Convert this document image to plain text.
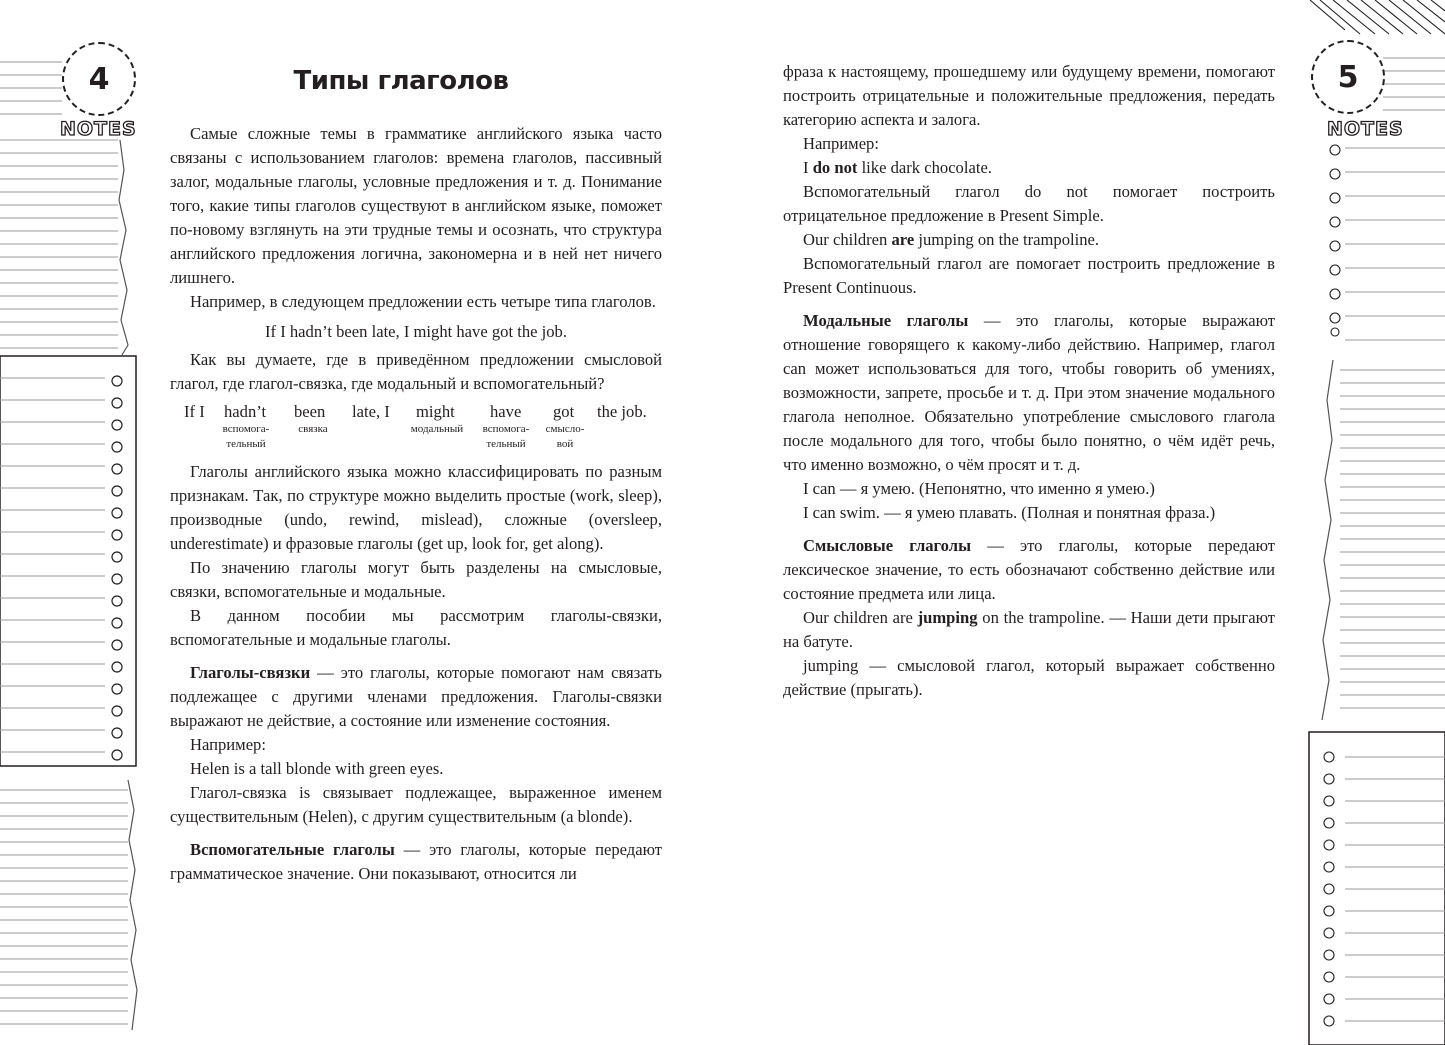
4
NOTES
5
NOTES
Типы глаголов

Самые сложные темы в грамматике английского языка часто связаны с использованием глаголов: времена глаголов, пассивный залог, модальные глаголы, условные предложения и т. д. Понимание того, какие типы глаголов существуют в английском языке, поможет по-новому взглянуть на эти трудные темы и осознать, что структура английского предложения логична, закономерна и в ней нет ничего лишнего.

Например, в следующем предложении есть четыре типа глаголов.

If I hadn’t been late, I might have got the job.

Как вы думаете, где в приведённом предложении смысловой глагол, где глагол-связка, где модальный и вспомогательный?

If I hadn’t been late, I might have got the job.
вспомога-
тельный
связка	модальный	вспомога-
тельный
смысло-
вой

Глаголы английского языка можно классифицировать по разным признакам. Так, по структуре можно выделить простые (work, sleep), производные (undo, rewind, mislead), сложные (oversleep, underestimate) и фразовые глаголы (get up, look for, get along).

По значению глаголы могут быть разделены на смысловые, связки, вспомогательные и модальные.

В данном пособии мы рассмотрим глаголы-связки, вспомогательные и модальные глаголы.

Глаголы-связки — это глаголы, которые помогают нам связать подлежащее с другими членами предложения. Глаголы-связки выражают не действие, а состояние или изменение состояния.

Например:

Helen is a tall blonde with green eyes.

Глагол-связка is связывает подлежащее, выраженное именем существительным (Helen), с другим существительным (a blonde).

Вспомогательные глаголы — это глаголы, которые передают грамматическое значение. Они показывают, относится ли

фраза к настоящему, прошедшему или будущему времени, помогают построить отрицательные и положительные предложения, передать категорию аспекта и залога.

Например:

I do not like dark chocolate.

Вспомогательный глагол do not помогает построить отрицательное предложение в Present Simple.

Our children are jumping on the trampoline.

Вспомогательный глагол are помогает построить предложение в Present Continuous.

Модальные глаголы — это глаголы, которые выражают отношение говорящего к какому-либо действию. Например, глагол can может использоваться для того, чтобы говорить об умениях, возможности, запрете, просьбе и т. д. При этом значение модального глагола неполное. Обязательно употребление смыслового глагола после модального для того, чтобы было понятно, о чём идёт речь, что именно возможно, о чём просят и т. д.

I can — я умею. (Непонятно, что именно я умею.)

I can swim. — я умею плавать. (Полная и понятная фраза.)

Смысловые глаголы — это глаголы, которые передают лексическое значение, то есть обозначают собственно действие или состояние предмета или лица.

Our children are jumping on the trampoline. — Наши дети прыгают на батуте.

jumping — смысловой глагол, который выражает собственно действие (прыгать).
